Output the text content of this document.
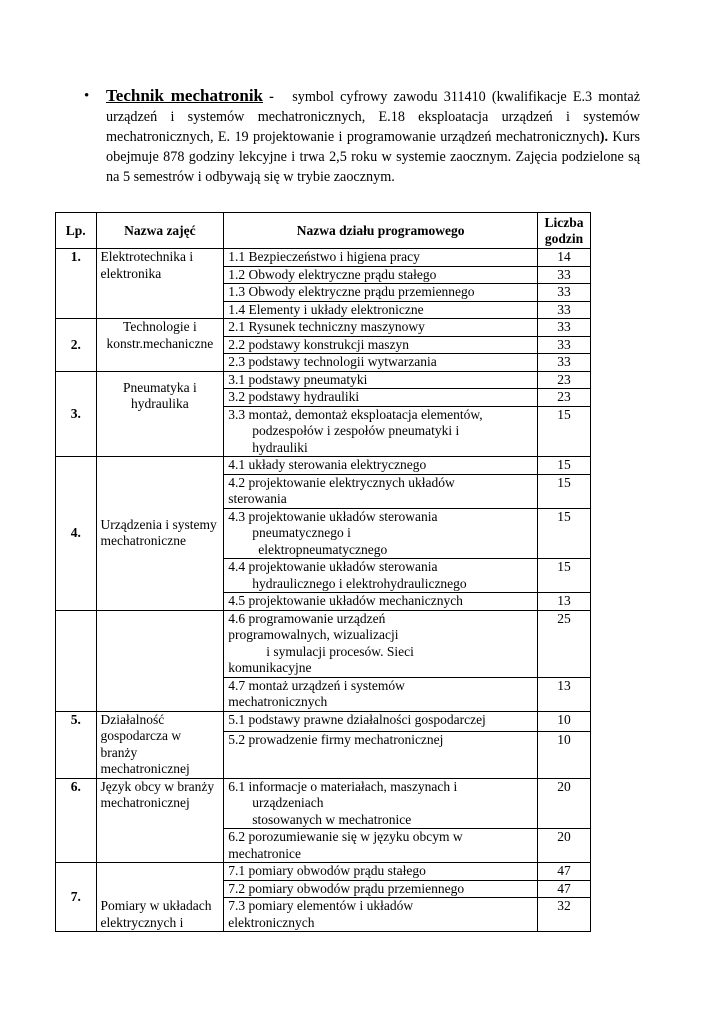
• Technik mechatronik - symbol cyfrowy zawodu 311410 (kwalifikacje E.3 montaż urządzeń i systemów mechatronicznych, E.18 eksploatacja urządzeń i systemów mechatronicznych, E. 19 projektowanie i programowanie urządzeń mechatronicznych). Kurs obejmuje 878 godziny lekcyjne i trwa 2,5 roku w systemie zaocznym. Zajęcia podzielone są na 5 semestrów i odbywają się w trybie zaocznym.
Lp.	Nazwa zajęć	Nazwa działu programowego	Liczba godzin
1.	Elektrotechnika i elektronika	1.1 Bezpieczeństwo i higiena pracy	14
		1.2 Obwody elektryczne prądu stałego	33
		1.3 Obwody elektryczne prądu przemiennego	33
		1.4 Elementy i układy elektroniczne	33
2.	Technologie i konstr.mechaniczne	2.1 Rysunek techniczny maszynowy	33
		2.2 podstawy konstrukcji maszyn	33
		2.3 podstawy technologii wytwarzania	33
3.	Pneumatyka i hydraulika	3.1 podstawy pneumatyki	23
		3.2 podstawy hydrauliki	23
		3.3 montaż, demontaż eksploatacja elementów,
podzespołów i zespołów pneumatyki i
hydrauliki	15
4.	Urządzenia i systemy mechatroniczne	4.1 układy sterowania elektrycznego	15
		4.2 projektowanie elektrycznych układów
sterowania	15
		4.3 projektowanie układów sterowania
pneumatycznego i
elektropneumatycznego	15
		4.4 projektowanie układów sterowania
hydraulicznego i elektrohydraulicznego	15
		4.5 projektowanie układów mechanicznych	13
		4.6 programowanie urządzeń
programowalnych, wizualizacji
i symulacji procesów. Sieci
komunikacyjne	25
		4.7 montaż urządzeń i systemów
mechatronicznych	13
5.	Działalność gospodarcza w branży mechatronicznej	5.1 podstawy prawne działalności gospodarczej	10
		5.2 prowadzenie firmy mechatronicznej	10
6.	Język obcy w branży mechatronicznej	6.1 informacje o materiałach, maszynach i
urządzeniach
stosowanych w mechatronice	20
		6.2 porozumiewanie się w języku obcym w
mechatronice	20
7.	Pomiary w układach elektrycznych i	7.1 pomiary obwodów prądu stałego	47
		7.2 pomiary obwodów prądu przemiennego	47
		7.3 pomiary elementów i układów
elektronicznych	32
